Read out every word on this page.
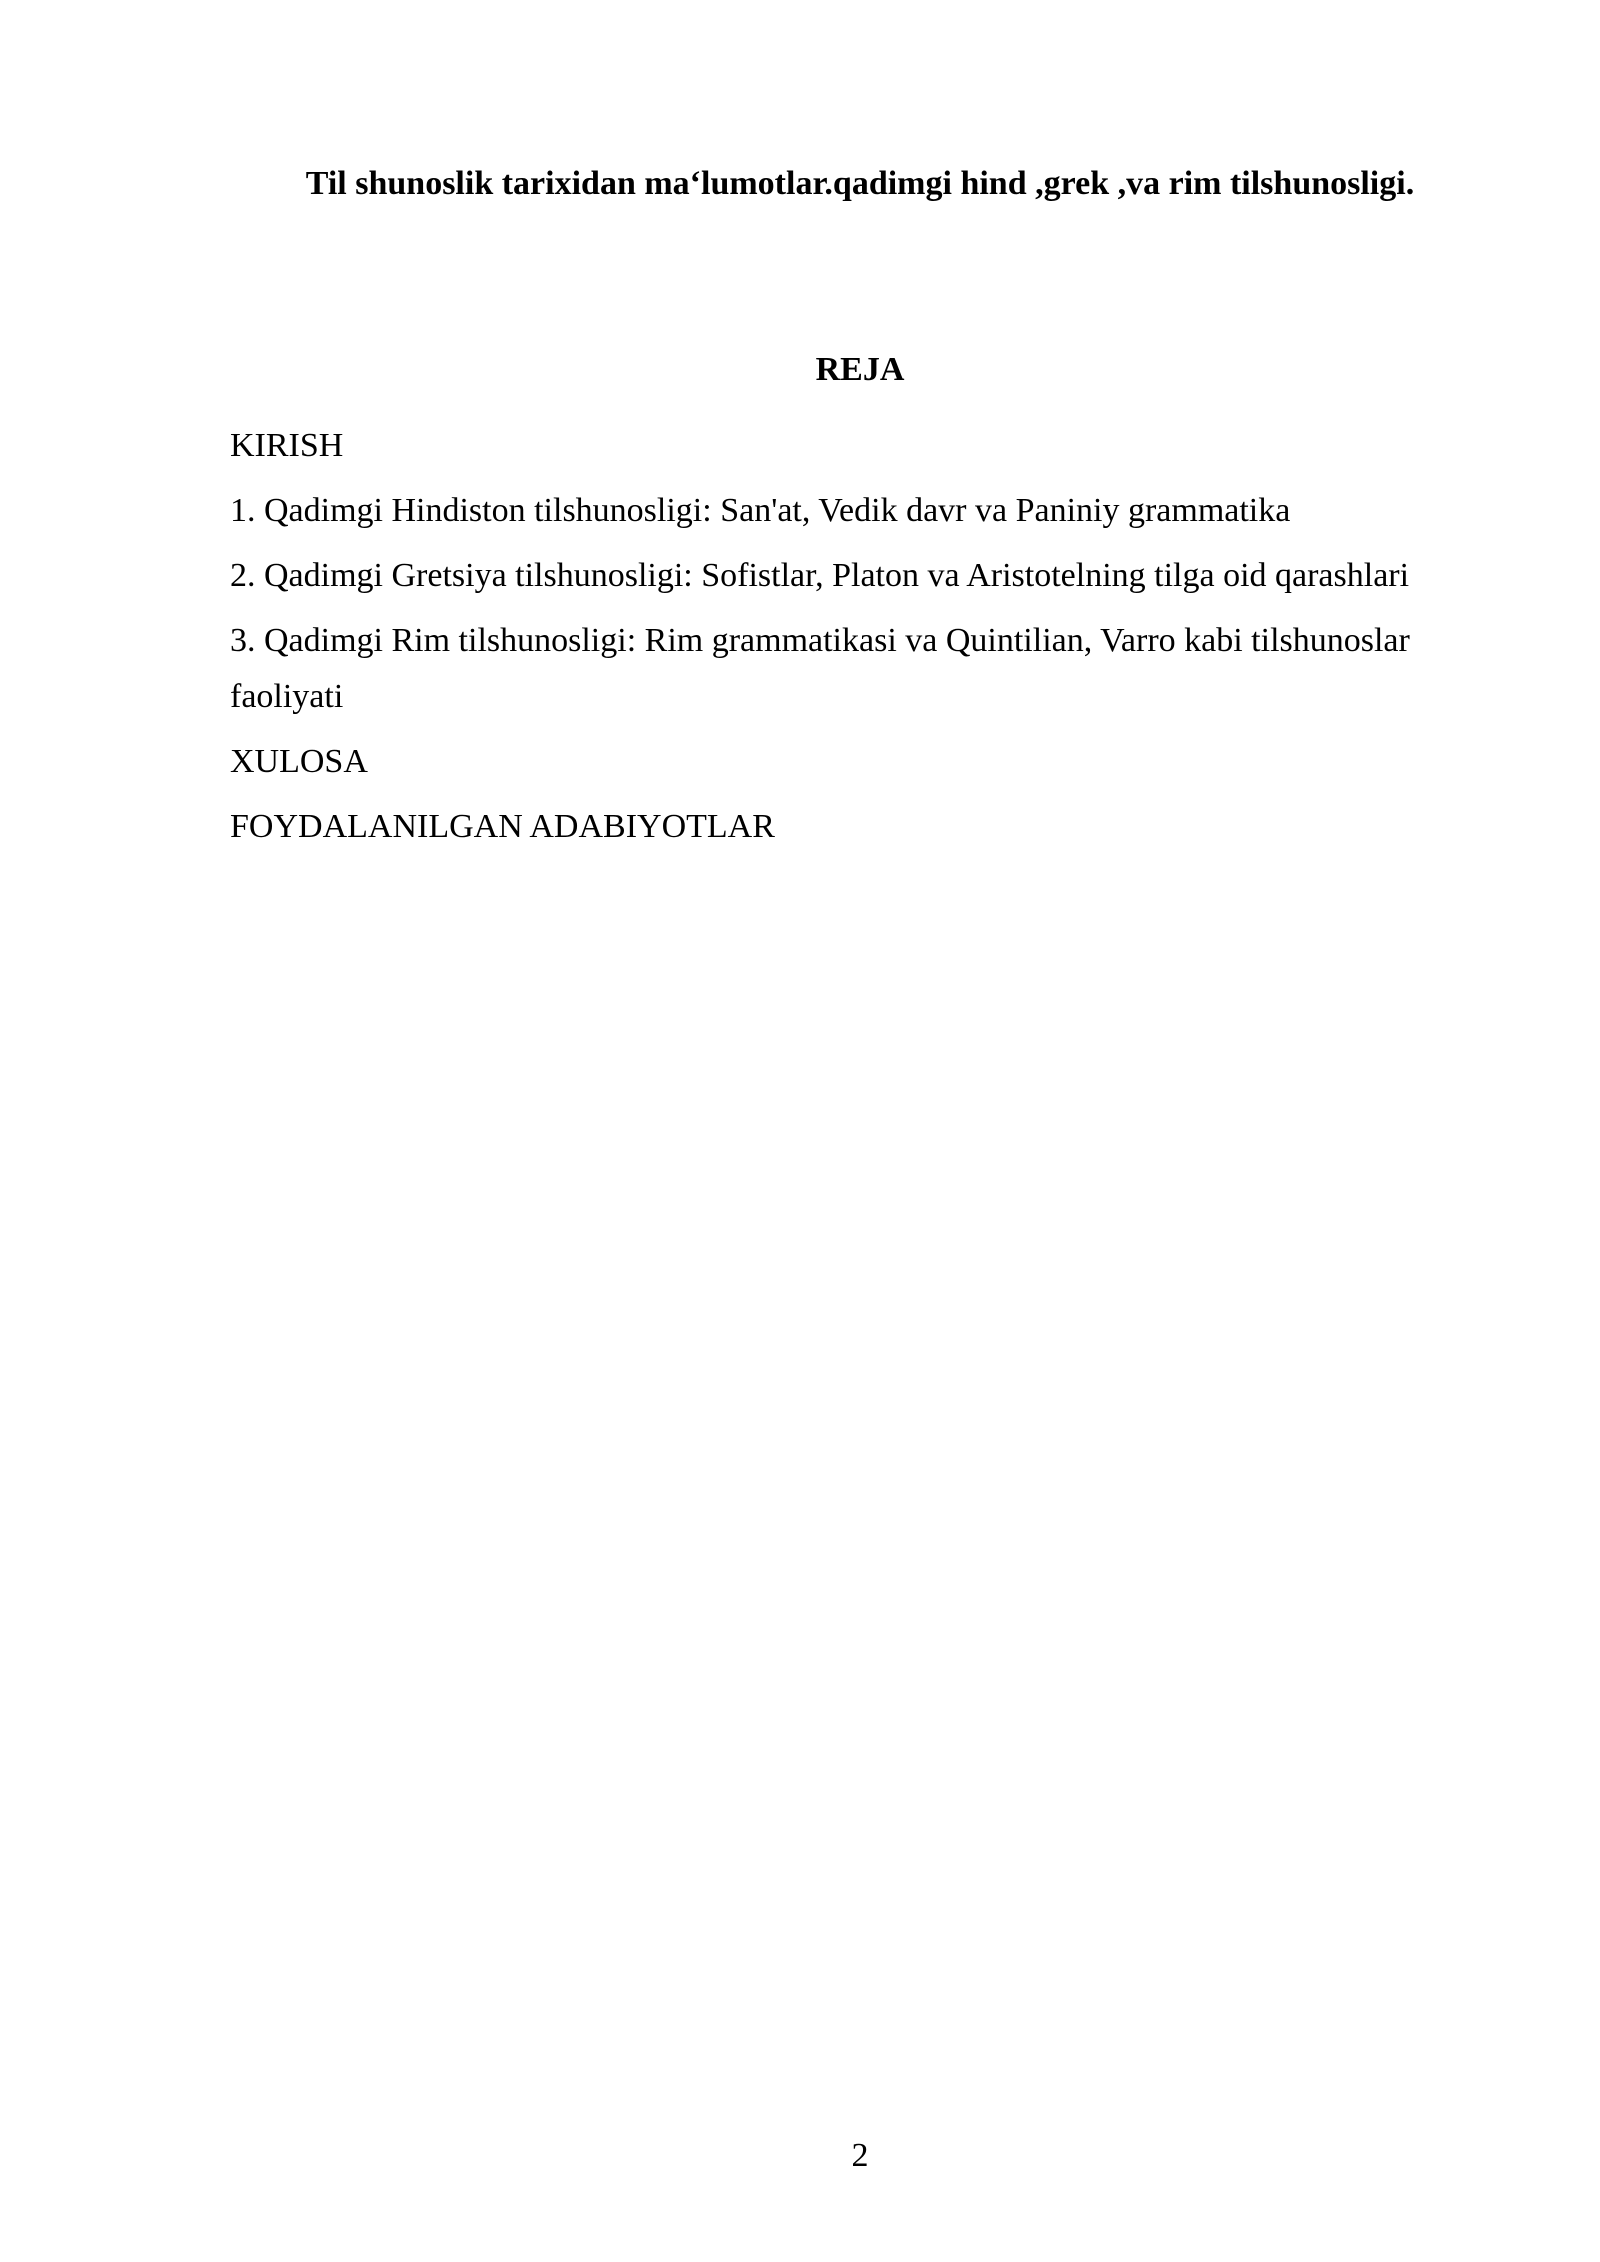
Til shunoslik tarixidan ma‘lumotlar.qadimgi hind ,grek ,va rim tilshunosligi.
REJA
KIRISH
1. Qadimgi Hindiston tilshunosligi: San'at, Vedik davr va Paniniy grammatika
2. Qadimgi Gretsiya tilshunosligi: Sofistlar, Platon va Aristotelning tilga oid qarashlari
3. Qadimgi Rim tilshunosligi: Rim grammatikasi va Quintilian, Varro kabi tilshunoslar faoliyati
XULOSA
FOYDALANILGAN ADABIYOTLAR
2
